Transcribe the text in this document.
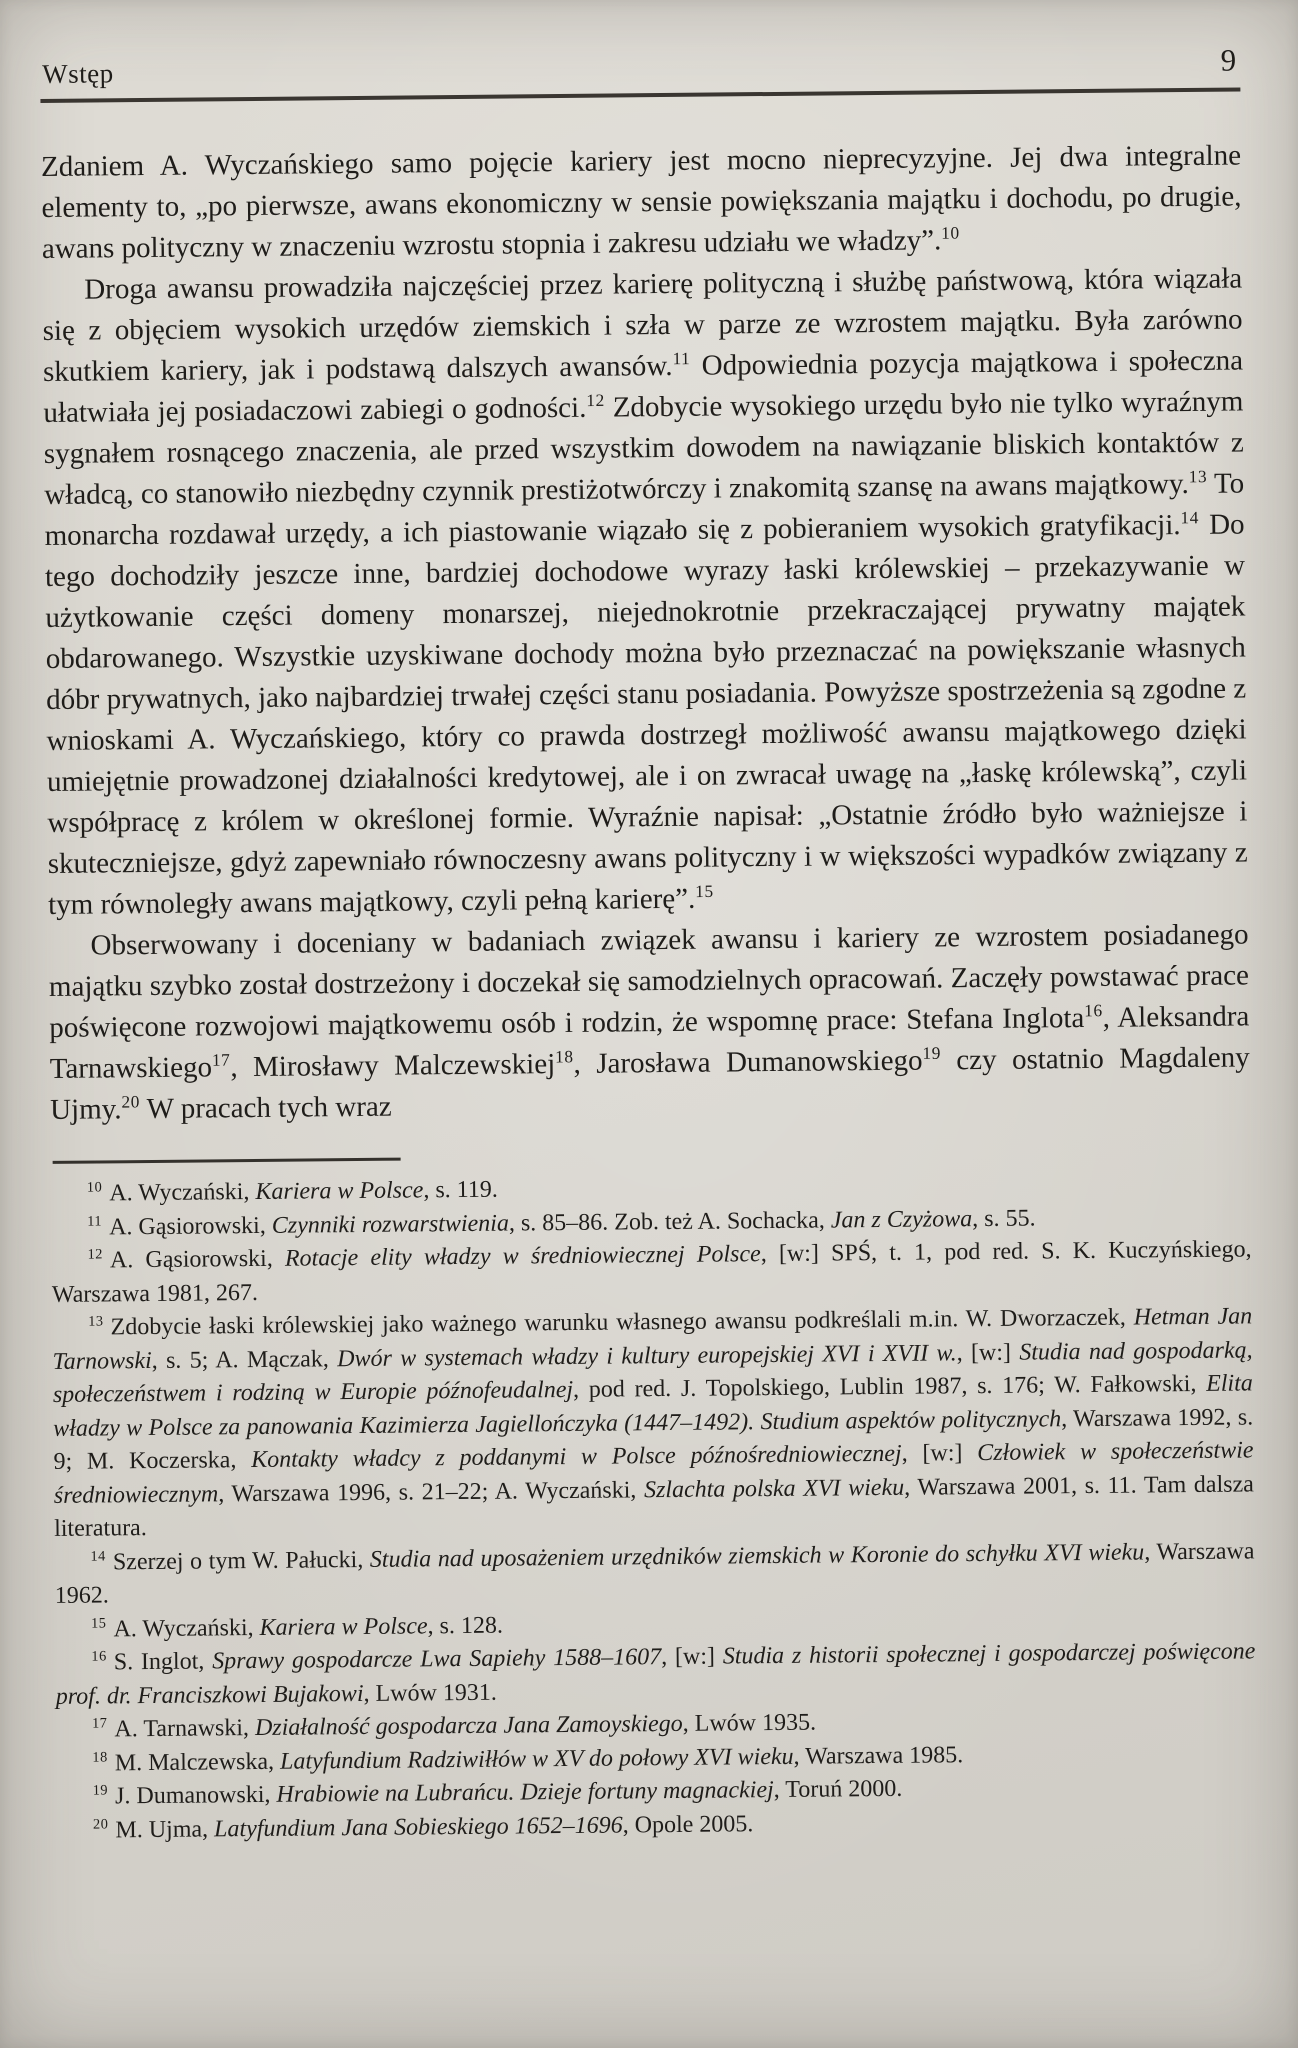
Wstęp	9

Zdaniem A. Wyczańskiego samo pojęcie kariery jest mocno nieprecyzyjne. Jej dwa integralne elementy to, „po pierwsze, awans ekonomiczny w sensie powiększania majątku i dochodu, po drugie, awans polityczny w znaczeniu wzrostu stopnia i zakresu udziału we władzy”.$^{10}$

Droga awansu prowadziła najczęściej przez karierę polityczną i służbę państwową, która wiązała się z objęciem wysokich urzędów ziemskich i szła w parze ze wzrostem majątku. Była zarówno skutkiem kariery, jak i podstawą dalszych awansów.$^{11}$ Odpowiednia pozycja majątkowa i społeczna ułatwiała jej posiadaczowi zabiegi o godności.$^{12}$ Zdobycie wysokiego urzędu było nie tylko wyraźnym sygnałem rosnącego znaczenia, ale przed wszystkim dowodem na nawiązanie bliskich kontaktów z władcą, co stanowiło niezbędny czynnik prestiżotwórczy i znakomitą szansę na awans majątkowy.$^{13}$ To monarcha rozdawał urzędy, a ich piastowanie wiązało się z pobieraniem wysokich gratyfikacji.$^{14}$ Do tego dochodziły jeszcze inne, bardziej dochodowe wyrazy łaski królewskiej – przekazywanie w użytkowanie części domeny monarszej, niejednokrotnie przekraczającej prywatny majątek obdarowanego. Wszystkie uzyskiwane dochody można było przeznaczać na powiększanie własnych dóbr prywatnych, jako najbardziej trwałej części stanu posiadania. Powyższe spostrzeżenia są zgodne z wnioskami A. Wyczańskiego, który co prawda dostrzegł możliwość awansu majątkowego dzięki umiejętnie prowadzonej działalności kredytowej, ale i on zwracał uwagę na „łaskę królewską”, czyli współpracę z królem w określonej formie. Wyraźnie napisał: „Ostatnie źródło było ważniejsze i skuteczniejsze, gdyż zapewniało równoczesny awans polityczny i w większości wypadków związany z tym równoległy awans majątkowy, czyli pełną karierę”.$^{15}$

Obserwowany i doceniany w badaniach związek awansu i kariery ze wzrostem posiadanego majątku szybko został dostrzeżony i doczekał się samodzielnych opracowań. Zaczęły powstawać prace poświęcone rozwojowi majątkowemu osób i rodzin, że wspomnę prace: Stefana Inglota$^{16}$, Aleksandra Tarnawskiego$^{17}$, Mirosławy Malczewskiej$^{18}$, Jarosława Dumanowskiego$^{19}$ czy ostatnio Magdaleny Ujmy.$^{20}$ W pracach tych wraz

$^{10}$ A. Wyczański, Kariera w Polsce, s. 119.

$^{11}$ A. Gąsiorowski, Czynniki rozwarstwienia, s. 85–86. Zob. też A. Sochacka, Jan z Czyżowa, s. 55.

$^{12}$ A. Gąsiorowski, Rotacje elity władzy w średniowiecznej Polsce, [w:] SPŚ, t. 1, pod red. S. K. Kuczyńskiego, Warszawa 1981, 267.

$^{13}$ Zdobycie łaski królewskiej jako ważnego warunku własnego awansu podkreślali m.in. W. Dworzaczek, Hetman Jan Tarnowski, s. 5; A. Mączak, Dwór w systemach władzy i kultury europejskiej XVI i XVII w., [w:] Studia nad gospodarką, społeczeństwem i rodziną w Europie późnofeudalnej, pod red. J. Topolskiego, Lublin 1987, s. 176; W. Fałkowski, Elita władzy w Polsce za panowania Kazimierza Jagiellończyka (1447–1492). Studium aspektów politycznych, Warszawa 1992, s. 9; M. Koczerska, Kontakty władcy z poddanymi w Polsce późnośredniowiecznej, [w:] Człowiek w społeczeństwie średniowiecznym, Warszawa 1996, s. 21–22; A. Wyczański, Szlachta polska XVI wieku, Warszawa 2001, s. 11. Tam dalsza literatura.

$^{14}$ Szerzej o tym W. Pałucki, Studia nad uposażeniem urzędników ziemskich w Koronie do schyłku XVI wieku, Warszawa 1962.

$^{15}$ A. Wyczański, Kariera w Polsce, s. 128.

$^{16}$ S. Inglot, Sprawy gospodarcze Lwa Sapiehy 1588–1607, [w:] Studia z historii społecznej i gospodarczej poświęcone prof. dr. Franciszkowi Bujakowi, Lwów 1931.

$^{17}$ A. Tarnawski, Działalność gospodarcza Jana Zamoyskiego, Lwów 1935.

$^{18}$ M. Malczewska, Latyfundium Radziwiłłów w XV do połowy XVI wieku, Warszawa 1985.

$^{19}$ J. Dumanowski, Hrabiowie na Lubrańcu. Dzieje fortuny magnackiej, Toruń 2000.

$^{20}$ M. Ujma, Latyfundium Jana Sobieskiego 1652–1696, Opole 2005.
